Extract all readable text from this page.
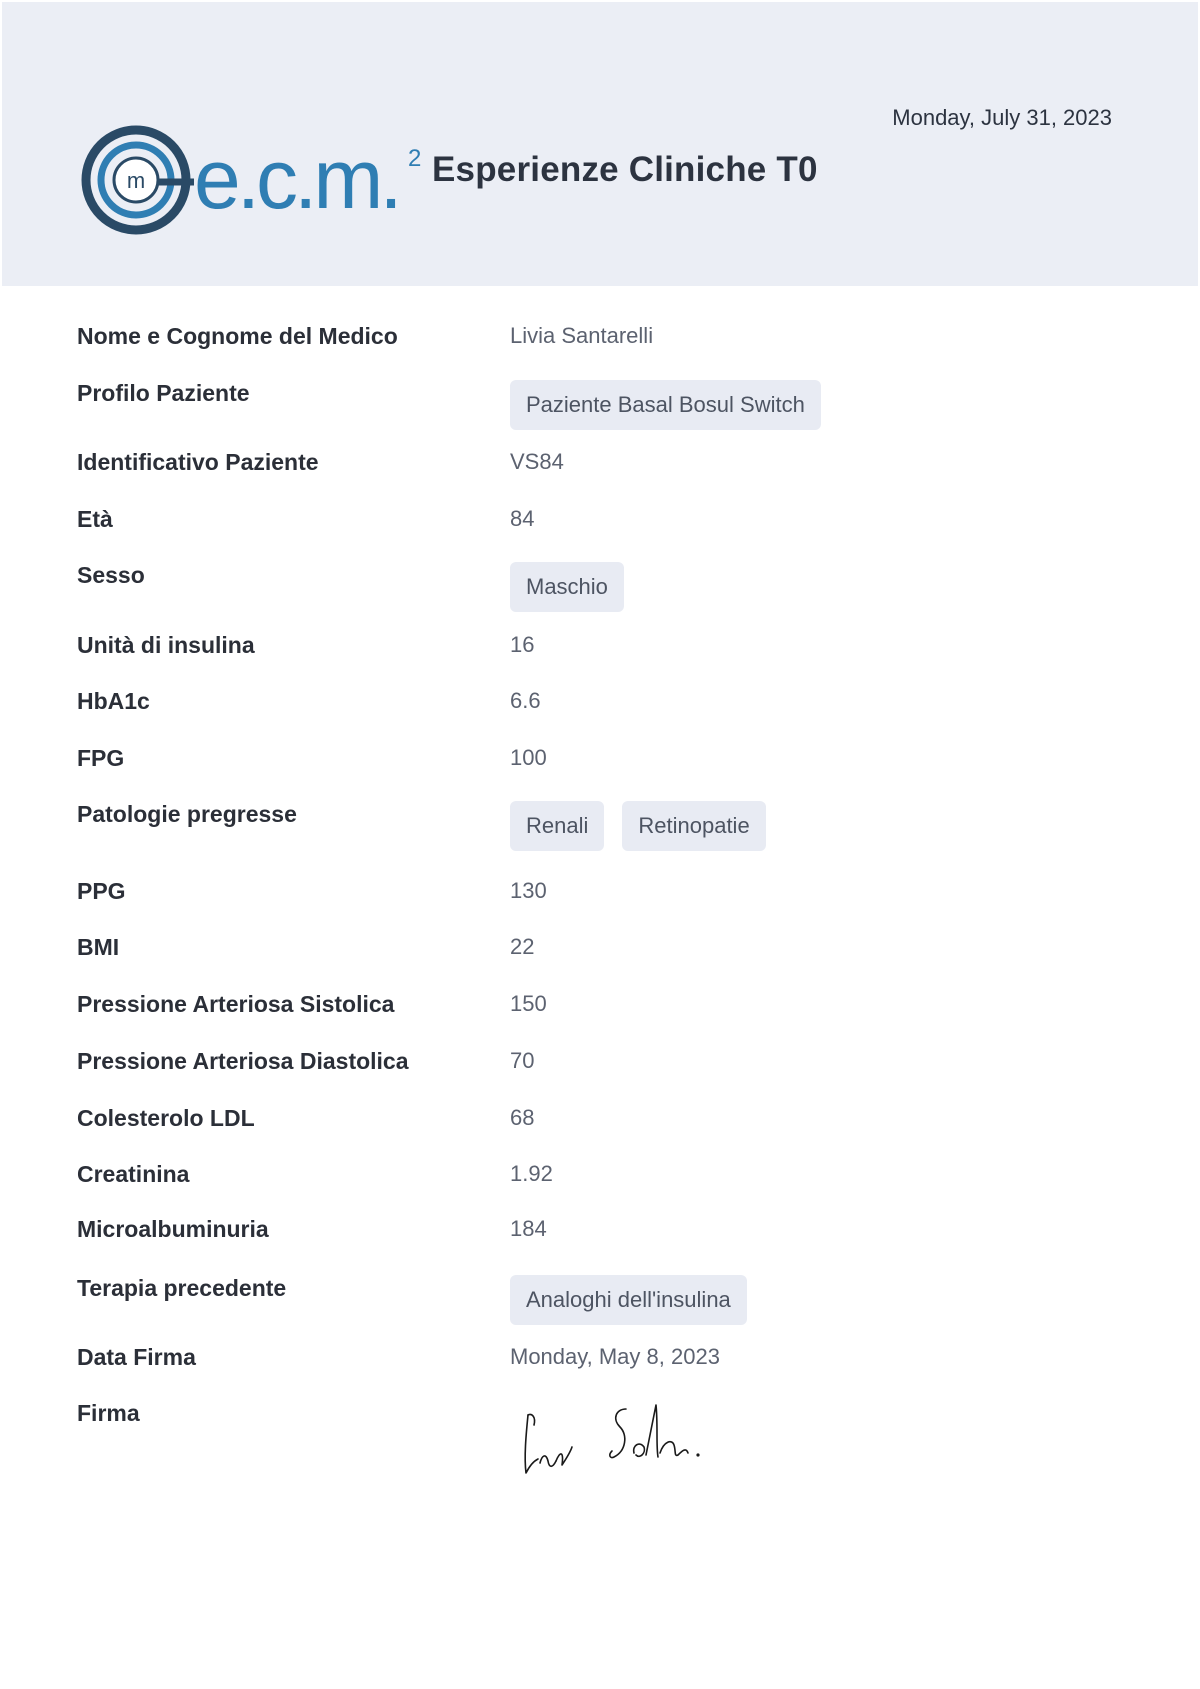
m e.c.m. 2 Esperienze Cliniche T0
Monday, July 31, 2023
Nome e Cognome del Medico	Livia Santarelli
Profilo Paziente	Paziente Basal Bosul Switch
Identificativo Paziente	VS84
Età	84
Sesso	Maschio
Unità di insulina	16
HbA1c	6.6
FPG	100
Patologie pregresse	Renali	Retinopatie
PPG	130
BMI	22
Pressione Arteriosa Sistolica	150
Pressione Arteriosa Diastolica	70
Colesterolo LDL	68
Creatinina	1.92
Microalbuminuria	184
Terapia precedente	Analoghi dell'insulina
Data Firma	Monday, May 8, 2023
Firma
